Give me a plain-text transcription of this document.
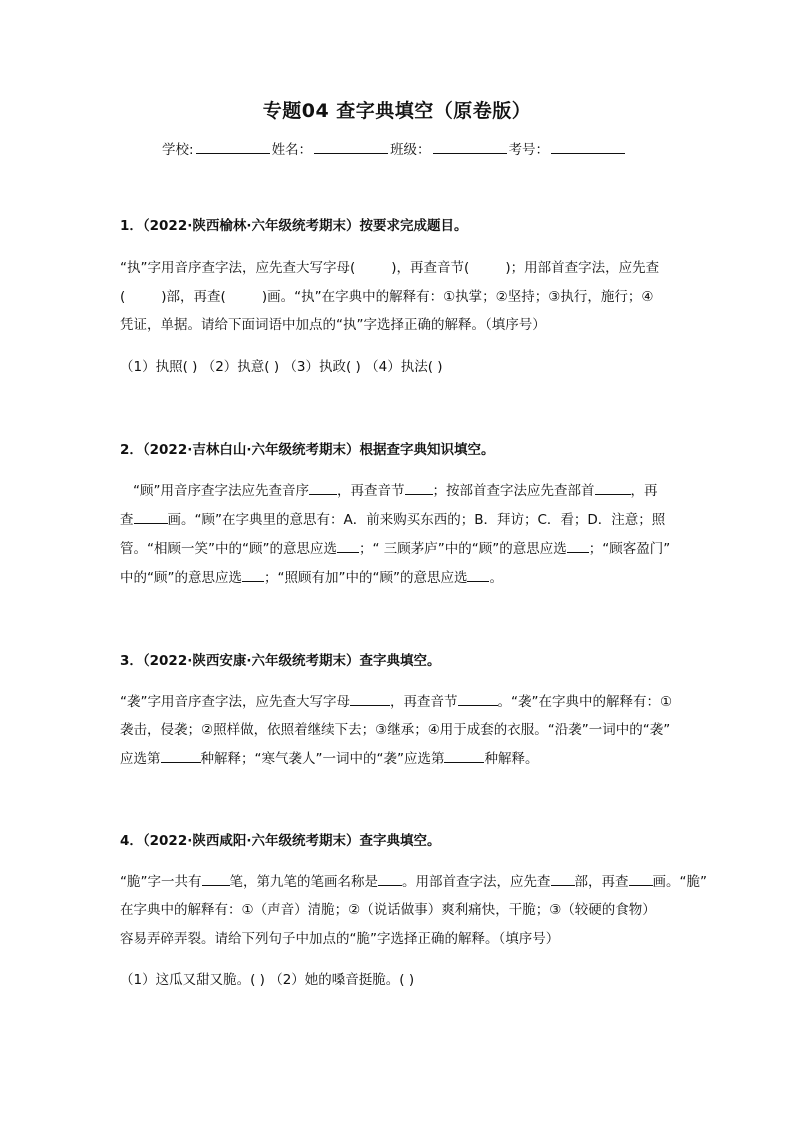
专题04 查字典填空（原卷版）
学校:	姓名：	班级：	考号：
1．（2022·陕西榆林·六年级统考期末）按要求完成题目。
“执”字用音序查字法，应先查大写字母(	)，再查音节(	)；用部首查字法，应先查
(	)部，再查(	)画。“执”在字典中的解释有：①执掌；②坚持；③执行，施行；④
凭证，单据。请给下面词语中加点的“执”字选择正确的解释。（填序号）
（1）执照( ) （2）执意( ) （3）执政( ) （4）执法( )
2．（2022·吉林白山·六年级统考期末）根据查字典知识填空。
“顾”用音序查字法应先查音序 ，再查音节 ；按部首查字法应先查部首	，再
查	画。“顾”在字典里的意思有：A．前来购买东西的；B．拜访；C．看；D．注意；照
管。“相顾一笑”中的“顾”的意思应选 ；“ 三顾茅庐”中的“顾”的意思应选 ；“顾客盈门”
中的“顾”的意思应选 ；“照顾有加”中的“顾”的意思应选 。
3．（2022·陕西安康·六年级统考期末）查字典填空。
“袭”字用音序查字法，应先查大写字母	，再查音节	。“袭”在字典中的解释有：①
袭击，侵袭；②照样做，依照着继续下去；③继承；④用于成套的衣服。“沿袭”一词中的“袭”
应选第	种解释；“寒气袭人”一词中的“袭”应选第	种解释。
4．（2022·陕西咸阳·六年级统考期末）查字典填空。
“脆”字一共有 笔，第九笔的笔画名称是 。用部首查字法，应先查 部，再查 画。“脆”
在字典中的解释有：①（声音）清脆；②（说话做事）爽利痛快，干脆；③（较硬的食物）
容易弄碎弄裂。请给下列句子中加点的“脆”字选择正确的解释。（填序号）
（1）这瓜又甜又脆。( ) （2）她的嗓音挺脆。( )
